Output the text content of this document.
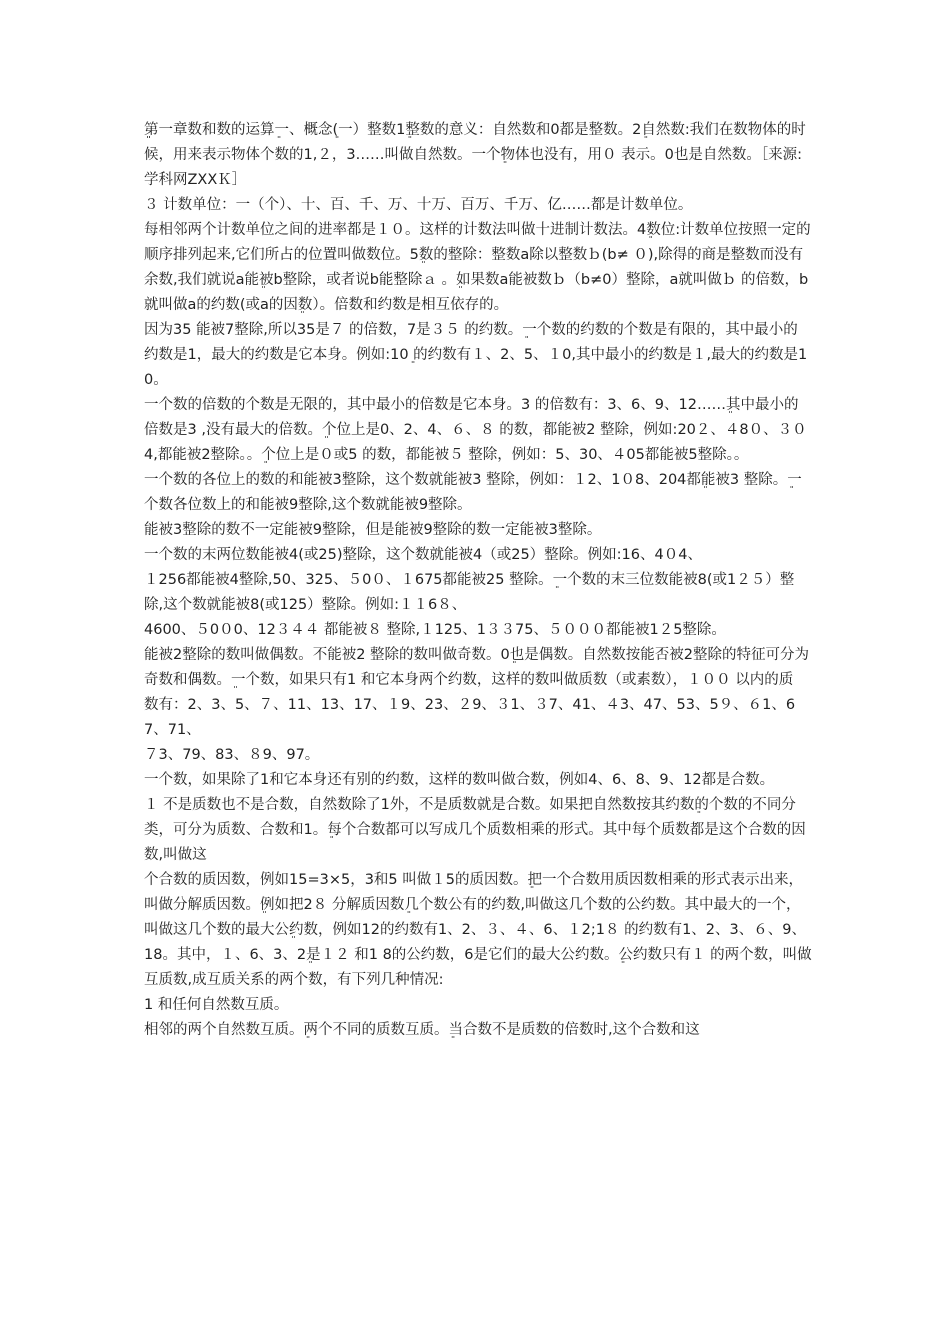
ܸܸ第一章数和数的运算ܸ一、概念ܸ(一）整数1ܸ整数的意义：自然数和0都是整数。2ܸ自然数:我们在数物体的时候，用来表示物体个数的1,２，3……叫做自然数。一个ܸ物体也没有，用０ 表示。0也是自然数。［来源:学科网ZXXＫ］

３ 计数单位：一（个）、十、百、千、万、十万、百万、千万、亿……都是计数单位。

每相邻两个计数单位之间的进率都是１０。这样的计数法叫做十进制计数法。4ܸ数位:计数单位按照一定的顺序排列起来,它们所占的位置叫做数位。5ܸ数的整除：整数a除以整数ｂ(b≠ ０),除得的商是整数而没有余数,我们就说a能ܸ被b整除，或者说b能整除ａ 。ܸ如果数a能被数ｂ（b≠0）整除，a就叫做ｂ 的倍数，b就叫做a的约数(或a的因ܸ数）。倍数和约数是相互依存的。

因为35 能被7整除,所以35是７ 的倍数，7是３５ 的约数。ܸ一个数的约数的个数是有限的，其中最小的约数是1，最大的约数是它本身。例如:10ܸ 的约数有１、2、5、１0,其中最小的约数是１,最大的约数是10。

一个数的倍数的个数是无限的，其中最小的倍数是它本身。3 的倍数有：3、6、9、12……ܸ其中最小的倍数是3 ,没有最大的倍数。ܸ个位上是0、2、4、６、８ 的数，都能被2 整除，例如:20２、４8０、３０4,都能被2整除。。ܸ个位上是０或5 的数，都能被５ 整除，例如：5、30、４05都能被5整除。。

一个数的各位上的数的和能被3整除，这个数就能被3 整除，例如：１2、1０8、204都ܸ能被3 整除。ܸ一个数各位数上的和能被9整除,这个数就能被9整除。

能被3整除的数不一定能被9整除，但是能被9整除的数一定能被3整除。

一个数的末两位数能被4(或25)整除，这个数就能被4（或25）整除。例如:16、4０4、

１256都能被4整除,50、325、５0０、１675都能被25 整除。ܸ一个数的末三位数能被8(或1２５）整除,这个数就能被8(或125）整除。例如:１１6８、

4600、５0０0、12３４４ 都能被８ 整除,１125、1３３75、５０００都能被1２5整除。

能被2整除的数叫做偶数。不能被2 整除的数叫做奇数。0ܸ也是偶数。自然数按能否被2整除的特征可分为奇数和偶数。ܸ一个数，如果只有1 和它本身两个约数，这样的数叫做质数（或素数），１００ 以内的质

数有：2、3、5、７、11、13、17、１9、23、２9、３1、３7、41、４3、47、53、5９、６1、67、71、

７3、79、83、８9、97。

一个数，如果除了1和它本身还有别的约数，这样的数叫做合数，例如4、6、8、9、12都是合数。

１ 不是质数也不是合数，自然数除了1外，不是质数就是合数。如果把自然数按其约数ܸ的个数的不同分类，可分为质数、合数和1。ܸ每个合数都可以写成几个质数相乘的形式。其中每个质数都是这个合数的因数,叫做这

个合数的质因数，例如15=3×5，3和5 叫做１5的质因数。ܸ把一个合数用质因数相乘的形式表示出来，叫做分解质因数。ܸ例如把2８ 分解质因数ܸ几个数公有的约数,叫做这几个数的公约数。其中最大的一个，叫做这几个数的最大公ܸ约数，例如12的约数有1、2、３、４、6、１2;1８ 的约数有1、2、3、６、9、18。其中，１、6、3、2ܸ是１２ 和1 8的公约数，6是它们的最大公约数。ܸ公约数只有１ 的两个数，叫做互质数,成互质关系的两个数，有下列几种情况:

1 和任何自然数互质。

相邻的两个自然数互质。ܸ两个不同的质数互质。ܸ当合数不是质数的倍数时,这个合数和这
